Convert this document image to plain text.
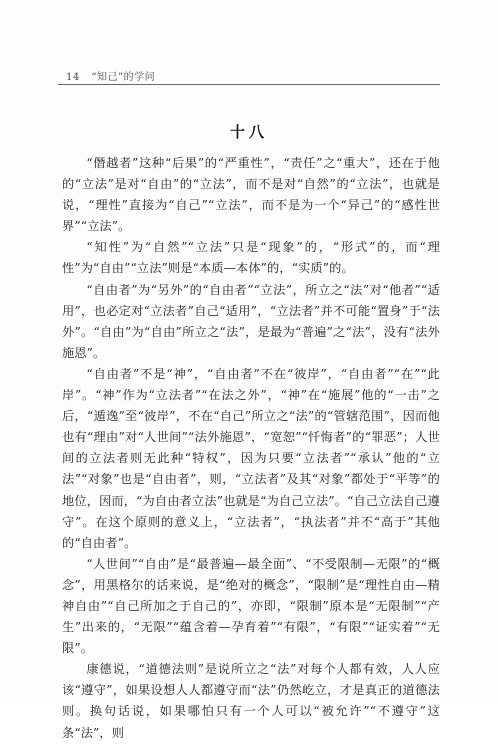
14 “知己”的学问
十八

“僭越者”这种“后果”的“严重性”，“责任”之“重大”，还在于他的“立法”是对“自由”的“立法”，而不是对“自然”的“立法”，也就是说，“理性”直接为“自己”“立法”，而不是为一个“异己”的“感性世界”“立法”。

“知性”为“自然”“立法”只是“现象”的，“形式”的，而“理性”为“自由”“立法”则是“本质—本体”的，“实质”的。

“自由者”为“另外”的“自由者”“立法”，所立之“法”对“他者”“适用”，也必定对“立法者”自己“适用”，“立法者”并不可能“置身”于“法外”。“自由”为“自由”所立之“法”，是最为“普遍”之“法”，没有“法外施恩”。

“自由者”不是“神”，“自由者”不在“彼岸”，“自由者”“在”“此岸”。“神”作为“立法者”“在法之外”，“神”在“施展”他的“一击”之后，“遁逸”至“彼岸”，不在“自己”所立之“法”的“管辖范围”，因而他也有“理由”对“人世间”“法外施恩”，“宽恕”“忏悔者”的“罪恶”；人世间的立法者则无此种“特权”，因为只要“立法者”“承认”他的“立法”“对象”也是“自由者”，则，“立法者”及其“对象”都处于“平等”的地位，因而，“为自由者立法”也就是“为自己立法”。“自己立法自己遵守”。在这个原则的意义上，“立法者”，“执法者”并不“高于”其他的“自由者”。

“人世间”“自由”是“最普遍—最全面”、“不受限制—无限”的“概念”，用黑格尔的话来说，是“绝对的概念”，“限制”是“理性自由—精神自由”“自己所加之于自己的”，亦即，“限制”原本是“无限制”“产生”出来的，“无限”“蕴含着—孕育着”“有限”，“有限”“证实着”“无限”。

康德说，“道德法则”是说所立之“法”对每个人都有效，人人应该“遵守”，如果设想人人都遵守而“法”仍然屹立，才是真正的道德法则。换句话说，如果哪怕只有一个人可以“被允许”“不遵守”这条“法”，则
